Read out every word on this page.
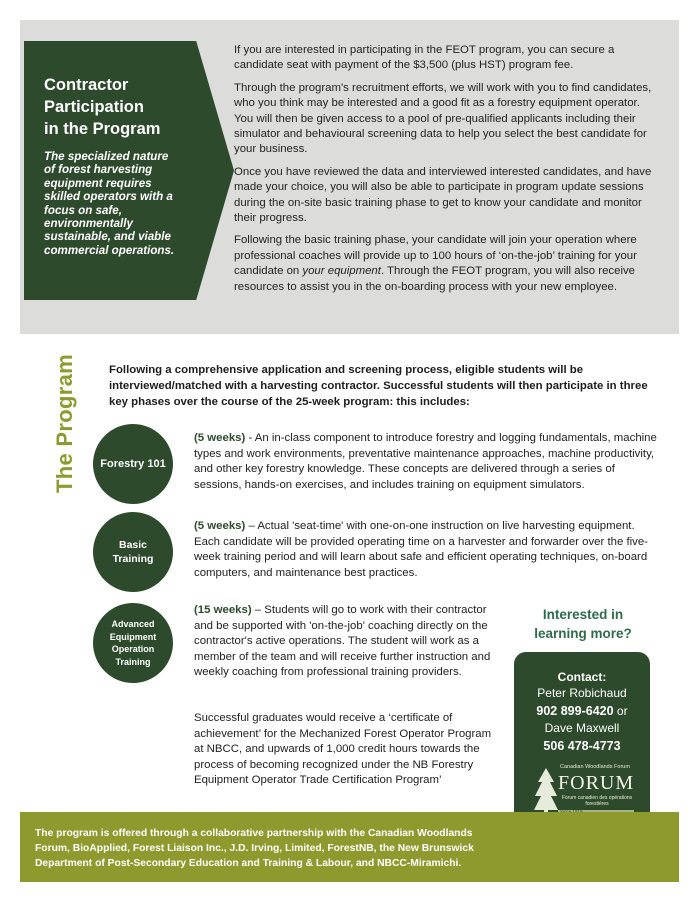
Contractor
Participation
in the Program
The specialized nature of forest harvesting equipment requires skilled operators with a focus on safe, environmentally sustainable, and viable commercial operations.

If you are interested in participating in the FEOT program, you can secure a candidate seat with payment of the $3,500 (plus HST) program fee.

Through the program's recruitment efforts, we will work with you to find candidates, who you think may be interested and a good fit as a forestry equipment operator. You will then be given access to a pool of pre-qualified applicants including their simulator and behavioural screening data to help you select the best candidate for your business.

Once you have reviewed the data and interviewed interested candidates, and have made your choice, you will also be able to participate in program update sessions during the on-site basic training phase to get to know your candidate and monitor their progress.

Following the basic training phase, your candidate will join your operation where professional coaches will provide up to 100 hours of ‘on-the-job’ training for your candidate on your equipment. Through the FEOT program, you will also receive resources to assist you in the on-boarding process with your new employee.

The Program	Following a comprehensive application and screening process, eligible students will be interviewed/matched with a harvesting contractor. Successful students will then participate in three key phases over the course of the 25-week program: this includes:
Forestry 101
(5 weeks) - An in-class component to introduce forestry and logging fundamentals, machine types and work environments, preventative maintenance approaches, machine productivity, and other key forestry knowledge. These concepts are delivered through a series of sessions, hands-on exercises, and includes training on equipment simulators.
Basic Training
(5 weeks) – Actual 'seat-time' with one-on-one instruction on live harvesting equipment. Each candidate will be provided operating time on a harvester and forwarder over the five-week training period and will learn about safe and efficient operating techniques, on-board computers, and maintenance best practices.
Advanced Equipment Operation Training
(15 weeks) – Students will go to work with their contractor and be supported with 'on-the-job' coaching directly on the contractor's active operations. The student will work as a member of the team and will receive further instruction and weekly coaching from professional training providers.
Successful graduates would receive a ‘certificate of achievement’ for the Mechanized Forest Operator Program at NBCC, and upwards of 1,000 credit hours towards the process of becoming recognized under the NB Forestry Equipment Operator Trade Certification Program’
Interested in learning more?
Contact:
Peter Robichaud
902 899-6420 or
Dave Maxwell
506 478-4773
Canadian Woodlands Forum
FORUM
Forum canadien des opérations forestières
The program is offered through a collaborative partnership with the Canadian Woodlands Forum, BioApplied, Forest Liaison Inc., J.D. Irving, Limited, ForestNB, the New Brunswick Department of Post-Secondary Education and Training & Labour, and NBCC-Miramichi.
